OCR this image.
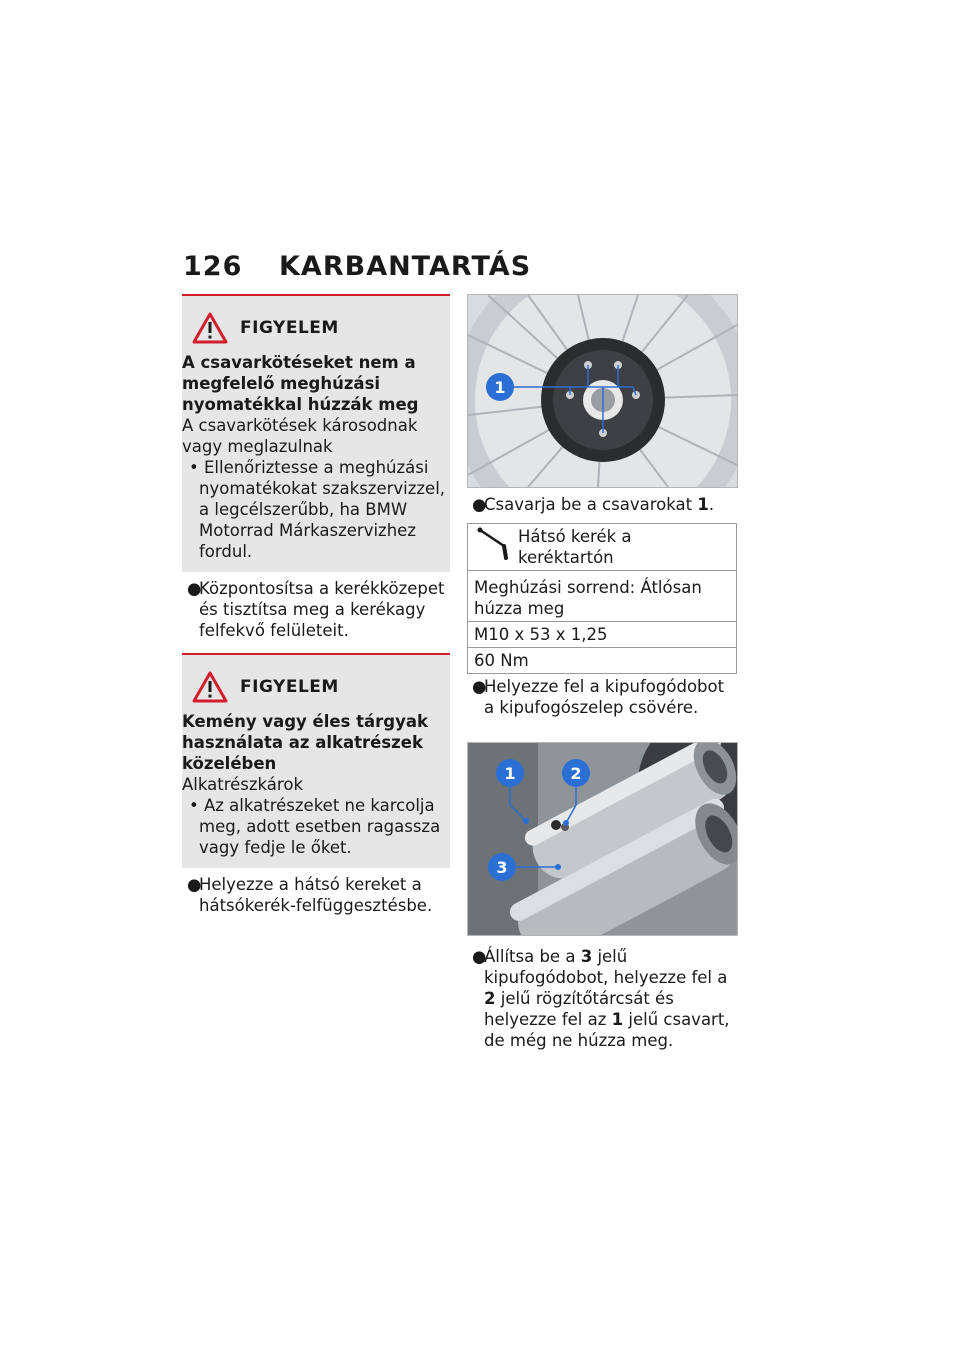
126	KARBANTARTÁS
FIGYELEM
A csavarkötéseket nem a megfelelő meghúzási nyomatékkal húzzák meg
A csavarkötések károsodnak vagy meglazulnak
• Ellenőriztesse a meghúzási nyomatékokat szakszervizzel, a legcélszerűbb, ha BMW Motorrad Márkaszervizhez fordul.
●Központosítsa a kerékközepet és tisztítsa meg a kerékagy felfekvő felületeit.
FIGYELEM
Kemény vagy éles tárgyak használata az alkatrészek közelében
Alkatrészkárok
• Az alkatrészeket ne karcolja meg, adott esetben ragassza vagy fedje le őket.
●Helyezze a hátsó kereket a hátsókerék-felfüggesztésbe.
1
●Csavarja be a csavarokat 1.
Hátsó kerék a keréktartón

Meghúzási sorrend: Átlósan húzza meg
M10 x 53 x 1,25
60 Nm
●Helyezze fel a kipufogódobot a kipufogószelep csövére.
1	2
3
●Állítsa be a 3 jelű kipufogódobot, helyezze fel a 2 jelű rögzítőtárcsát és helyezze fel az 1 jelű csavart, de még ne húzza meg.
